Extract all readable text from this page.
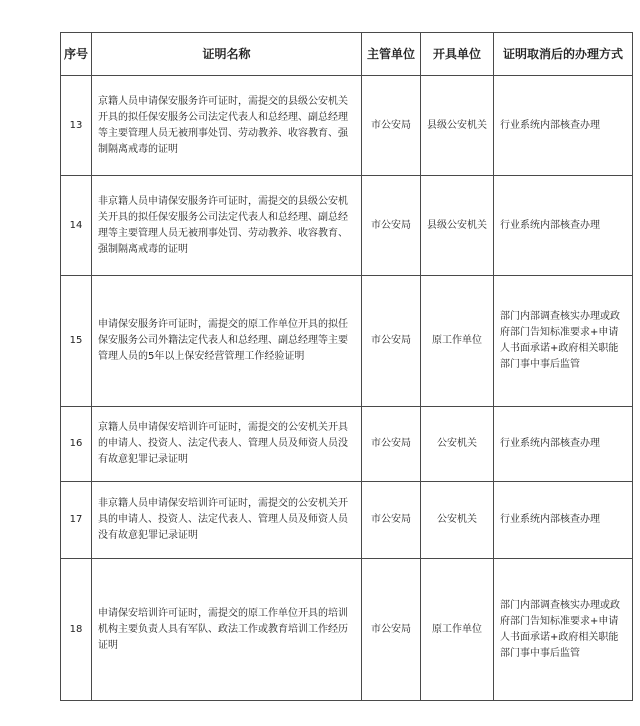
序号	证明名称	主管单位	开具单位	证明取消后的办理方式
13	京籍人员申请保安服务许可证时，需提交的县级公安机关开具的拟任保安服务公司法定代表人和总经理、副总经理等主要管理人员无被刑事处罚、劳动教养、收容教育、强制隔离戒毒的证明	市公安局	县级公安机关	行业系统内部核查办理
14	非京籍人员申请保安服务许可证时，需提交的县级公安机关开具的拟任保安服务公司法定代表人和总经理、副总经理等主要管理人员无被刑事处罚、劳动教养、收容教育、强制隔离戒毒的证明	市公安局	县级公安机关	行业系统内部核查办理
15	申请保安服务许可证时，需提交的原工作单位开具的拟任保安服务公司外籍法定代表人和总经理、副总经理等主要管理人员的5年以上保安经营管理工作经验证明	市公安局	原工作单位	部门内部调查核实办理或政府部门告知标准要求+申请人书面承诺+政府相关职能部门事中事后监管
16	京籍人员申请保安培训许可证时，需提交的公安机关开具的申请人、投资人、法定代表人、管理人员及师资人员没有故意犯罪记录证明	市公安局	公安机关	行业系统内部核查办理
17	非京籍人员申请保安培训许可证时，需提交的公安机关开具的申请人、投资人、法定代表人、管理人员及师资人员没有故意犯罪记录证明	市公安局	公安机关	行业系统内部核查办理
18	申请保安培训许可证时，需提交的原工作单位开具的培训机构主要负责人具有军队、政法工作或教育培训工作经历证明	市公安局	原工作单位	部门内部调查核实办理或政府部门告知标准要求+申请人书面承诺+政府相关职能部门事中事后监管
